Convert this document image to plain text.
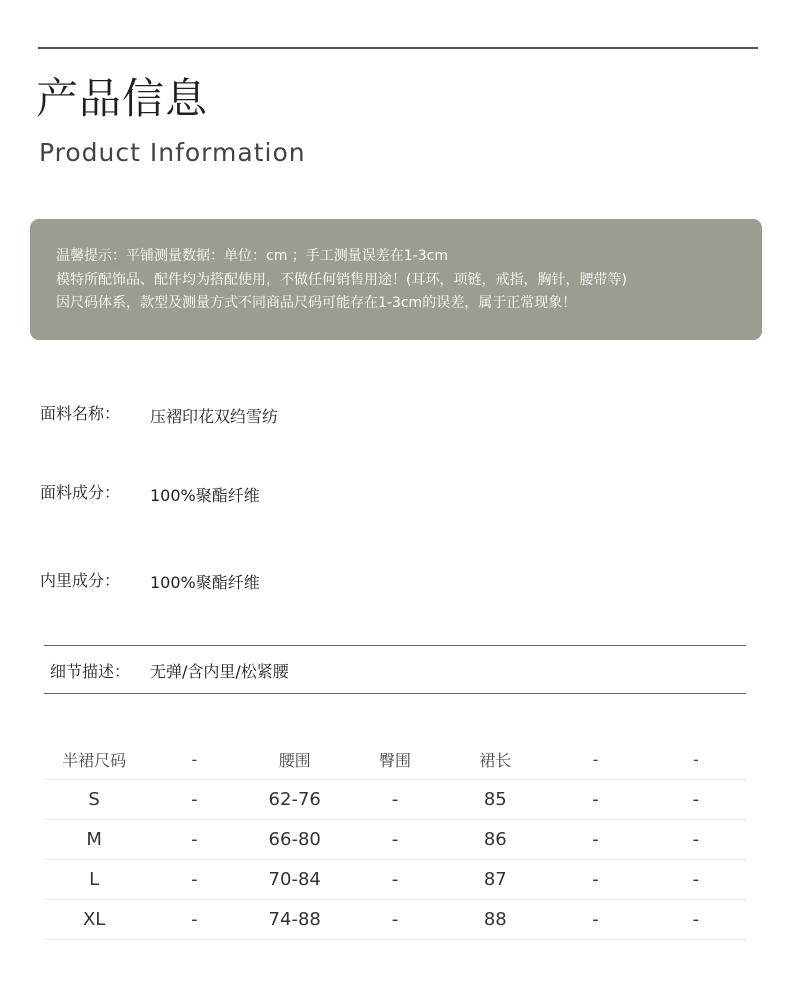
产品信息
Product Information
温馨提示：平铺测量数据：单位：cm ；手工测量误差在1-3cm
模特所配饰品、配件均为搭配使用，不做任何销售用途！(耳环，项链，戒指，胸针，腰带等)
因尺码体系，款型及测量方式不同商品尺码可能存在1-3cm的误差，属于正常现象！
面料名称： 压褶印花双绉雪纺
面料成分： 100%聚酯纤维
内里成分： 100%聚酯纤维
细节描述： 无弹/含内里/松紧腰
半裙尺码	-	腰围	臀围	裙长	-	-
S	-	62-76	-	85	-	-
M	-	66-80	-	86	-	-
L	-	70-84	-	87	-	-
XL	-	74-88	-	88	-	-
